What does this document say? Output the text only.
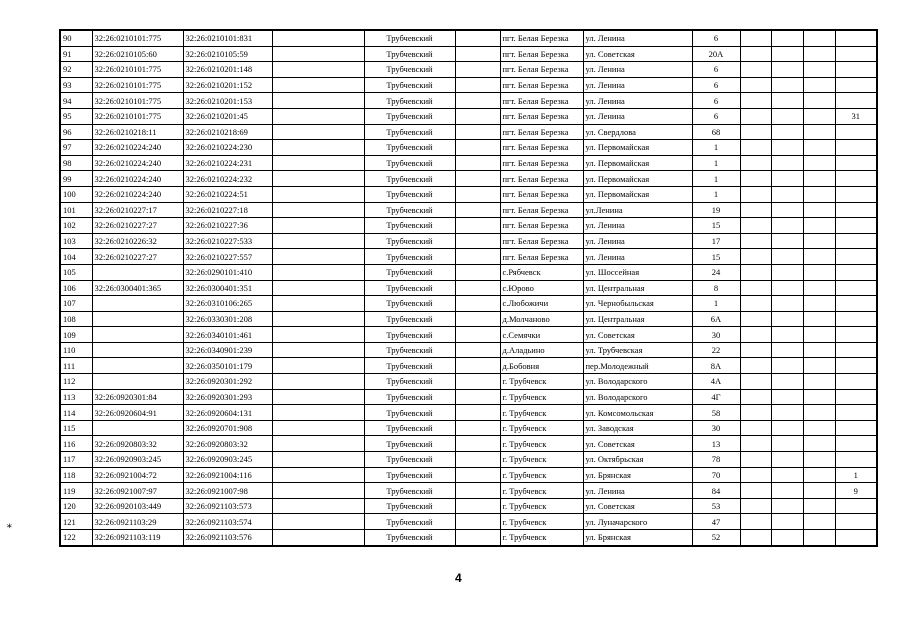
90	32:26:0210101:775	32:26:0210101:831		Трубчевский		пгт. Белая Березка	ул. Ленина	6				
91	32:26:0210105:60	32:26:0210105:59		Трубчевский		пгт. Белая Березка	ул. Советская	20А				
92	32:26:0210101:775	32:26:0210201:148		Трубчевский		пгт. Белая Березка	ул. Ленина	6				
93	32:26:0210101:775	32:26:0210201:152		Трубчевский		пгт. Белая Березка	ул. Ленина	6				
94	32:26:0210101:775	32:26:0210201:153		Трубчевский		пгт. Белая Березка	ул. Ленина	6				
95	32:26:0210101:775	32:26:0210201:45		Трубчевский		пгт. Белая Березка	ул. Ленина	6				31
96	32:26:0210218:11	32:26:0210218:69		Трубчевский		пгт. Белая Березка	ул. Свердлова	68				
97	32:26:0210224:240	32:26:0210224:230		Трубчевский		пгт. Белая Березка	ул. Первомайская	1				
98	32:26:0210224:240	32:26:0210224:231		Трубчевский		пгт. Белая Березка	ул. Первомайская	1				
99	32:26:0210224:240	32:26:0210224:232		Трубчевский		пгт. Белая Березка	ул. Первомайская	1				
100	32:26:0210224:240	32:26:0210224:51		Трубчевский		пгт. Белая Березка	ул. Первомайская	1				
101	32:26:0210227:17	32:26:0210227:18		Трубчевский		пгт. Белая Березка	ул.Ленина	19				
102	32:26:0210227:27	32:26:0210227:36		Трубчевский		пгт. Белая Березка	ул. Ленина	15				
103	32:26:0210226:32	32:26:0210227:533		Трубчевский		пгт. Белая Березка	ул. Ленина	17				
104	32:26:0210227:27	32:26:0210227:557		Трубчевский		пгт. Белая Березка	ул. Ленина	15				
105		32:26:0290101:410		Трубчевский		с.Рябчевск	ул. Шоссейная	24				
106	32:26:0300401:365	32:26:0300401:351		Трубчевский		с.Юрово	ул. Центральная	8				
107		32:26:0310106:265		Трубчевский		с.Любожичи	ул. Чернобыльская	1				
108		32:26:0330301:208		Трубчевский		д.Молчаново	ул. Центральная	6А				
109		32:26:0340101:461		Трубчевский		с.Семячки	ул. Советская	30				
110		32:26:0340901:239		Трубчевский		д.Аладьино	ул. Трубчевская	22				
111		32:26:0350101:179		Трубчевский		д.Бобовня	пер.Молодежный	8А				
112		32:26:0920301:292		Трубчевский		г. Трубчевск	ул. Володарского	4А				
113	32:26:0920301:84	32:26:0920301:293		Трубчевский		г. Трубчевск	ул. Володарского	4Г				
114	32:26:0920604:91	32:26:0920604:131		Трубчевский		г. Трубчевск	ул. Комсомольская	58				
115		32:26:0920701:908		Трубчевский		г. Трубчевск	ул. Заводская	30				
116	32:26:0920803:32	32:26:0920803:32		Трубчевский		г. Трубчевск	ул. Советская	13				
117	32:26:0920903:245	32:26:0920903:245		Трубчевский		г. Трубчевск	ул. Октябрьская	78				
118	32:26:0921004:72	32:26:0921004:116		Трубчевский		г. Трубчевск	ул. Брянская	70				1
119	32:26:0921007:97	32:26:0921007:98		Трубчевский		г. Трубчевск	ул. Ленина	84				9
120	32:26:0920103:449	32:26:0921103:573		Трубчевский		г. Трубчевск	ул. Советская	53				
121	32:26:0921103:29	32:26:0921103:574		Трубчевский		г. Трубчевск	ул. Луначарского	47				
122	32:26:0921103:119	32:26:0921103:576		Трубчевский		г. Трубчевск	ул. Брянская	52				
4
∗
